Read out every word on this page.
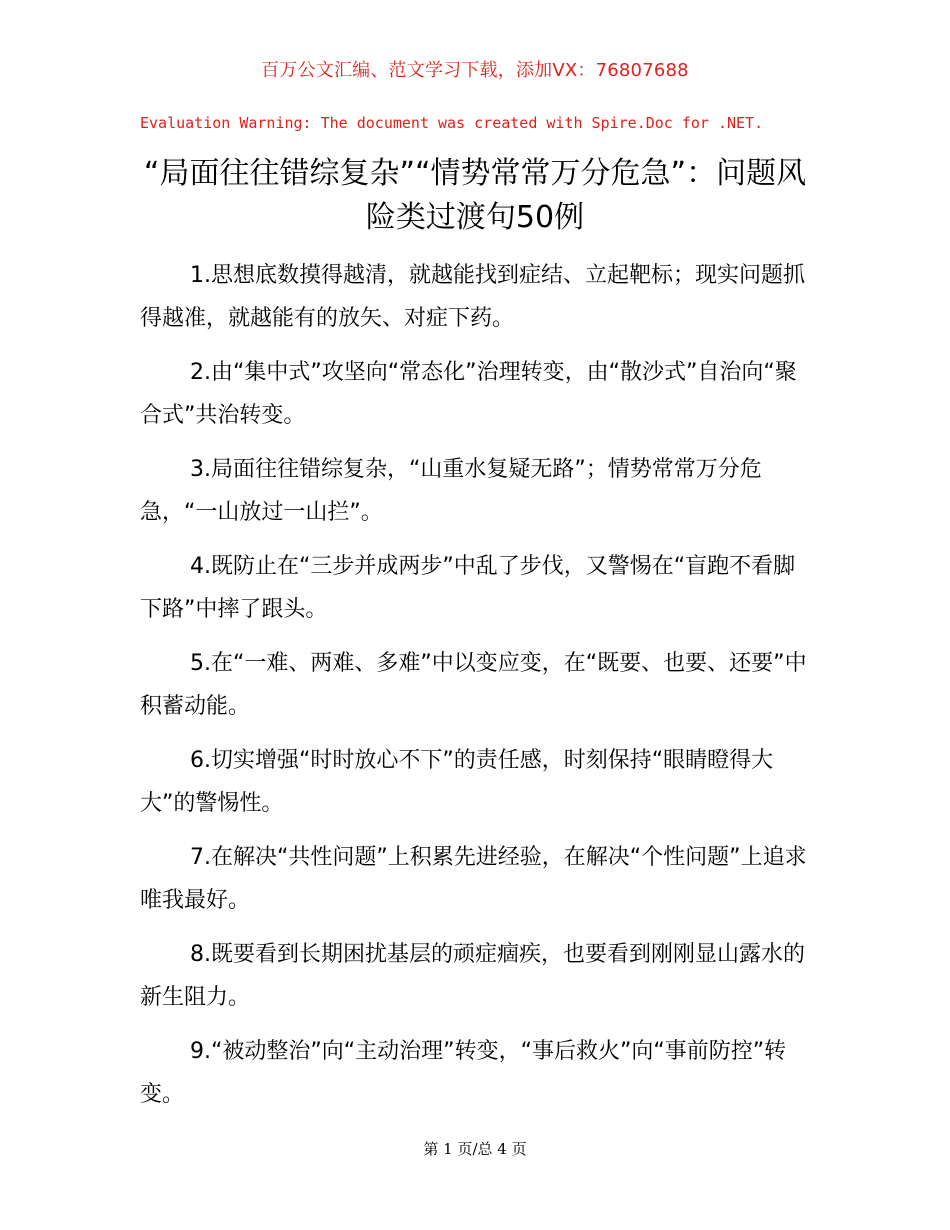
百万公文汇编、范文学习下载，添加VX：76807688
Evaluation Warning: The document was created with Spire.Doc for .NET.
“局面往往错综复杂”“情势常常万分危急”：问题风险类过渡句50例

1.思想底数摸得越清，就越能找到症结、立起靶标；现实问题抓得越准，就越能有的放矢、对症下药。

2.由“集中式”攻坚向“常态化”治理转变，由“散沙式”自治向“聚合式”共治转变。

3.局面往往错综复杂，“山重水复疑无路”；情势常常万分危急，“一山放过一山拦”。

4.既防止在“三步并成两步”中乱了步伐，又警惕在“盲跑不看脚下路”中摔了跟头。

5.在“一难、两难、多难”中以变应变，在“既要、也要、还要”中积蓄动能。

6.切实增强“时时放心不下”的责任感，时刻保持“眼睛瞪得大大”的警惕性。

7.在解决“共性问题”上积累先进经验，在解决“个性问题”上追求唯我最好。

8.既要看到长期困扰基层的顽症痼疾，也要看到刚刚显山露水的新生阻力。

9.“被动整治”向“主动治理”转变，“事后救火”向“事前防控”转变。

第 1 页/总 4 页
